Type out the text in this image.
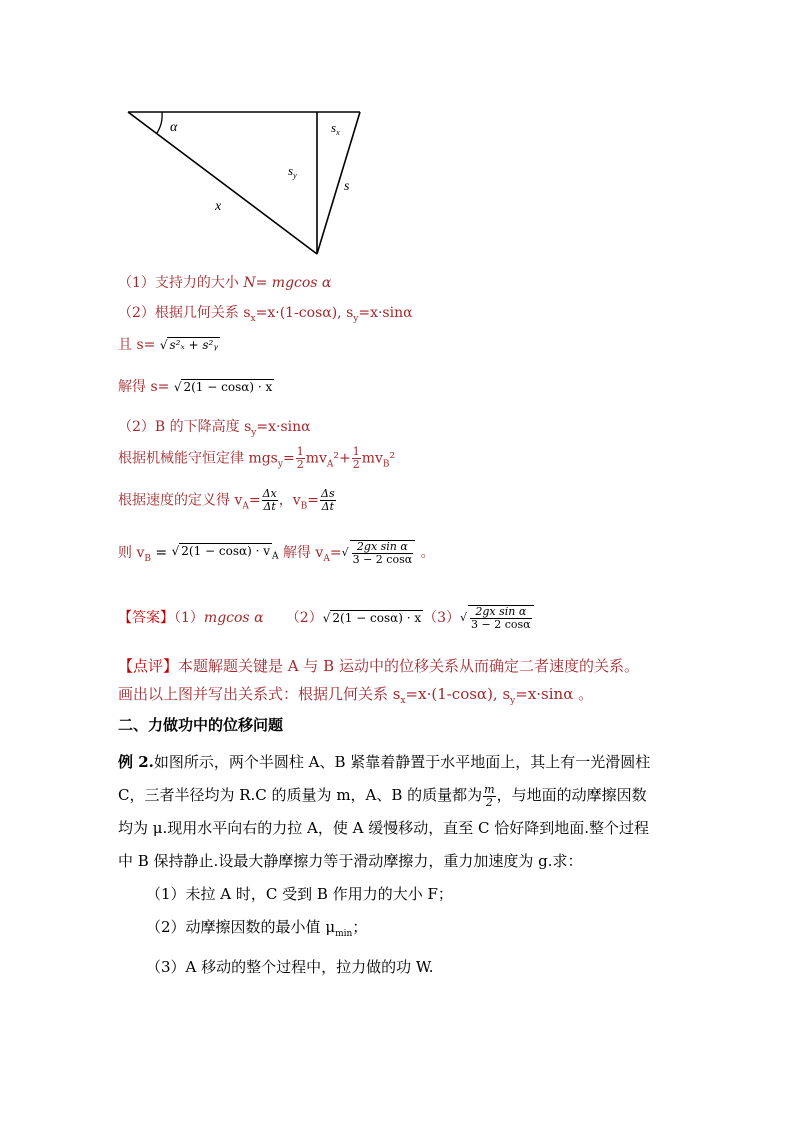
α	$s_x$
$s_y$
s
x
（1）支持力的大小 N= mgcos α
（2）根据几何关系 $s_x=x\cdot(1-\cos\alpha)$, $s_y=x\cdot\sin\alpha$
且 s= √ s²ₓ + s²ᵧ
解得 s= √ 2(1 − cosα) · x
（2）B 的下降高度 $s_y=x\cdot\sin\alpha$
根据机械能守恒定律 $mgs_y= \frac{1}{2} mv_A^2+ \frac{1}{2} mv_B^2$
根据速度的定义得 $v_A= \frac{\Delta x}{\Delta t}$ ，$v_B= \frac{\Delta s}{\Delta t}$
则 $v_B$ = √ 2(1 − cosα) · v $_A$ 解得 $v_A=√ \frac{\text{2gx sin α}}{3 - 2 \cos\alpha}$ 。
【答案】（1）mgcos α （2）√ 2(1 − cosα) · x $(3)√ \frac{\text{2gx sin α}}{3 - 2 \cos\alpha}$
【点评】本题解题关键是 A 与 B 运动中的位移关系从而确定二者速度的关系。
画出以上图并写出关系式：根据几何关系 $s_x=x\cdot(1-\cos\alpha)$, $s_y=x\cdot\sin\alpha$ 。
二、力做功中的位移问题
例 2.如图所示，两个半圆柱 A、B 紧靠着静置于水平地面上，其上有一光滑圆柱
C，三者半径均为 R.C 的质量为 m，A、B 的质量都为 $\frac{m}{2}$ ，与地面的动摩擦因数
均为 μ.现用水平向右的力拉 A，使 A 缓慢移动，直至 C 恰好降到地面.整个过程
中 B 保持静止.设最大静摩擦力等于滑动摩擦力，重力加速度为 g.求：
（1）未拉 A 时，C 受到 B 作用力的大小 F；
（2）动摩擦因数的最小值 $\mu_{min}$；
（3）A 移动的整个过程中，拉力做的功 W.
